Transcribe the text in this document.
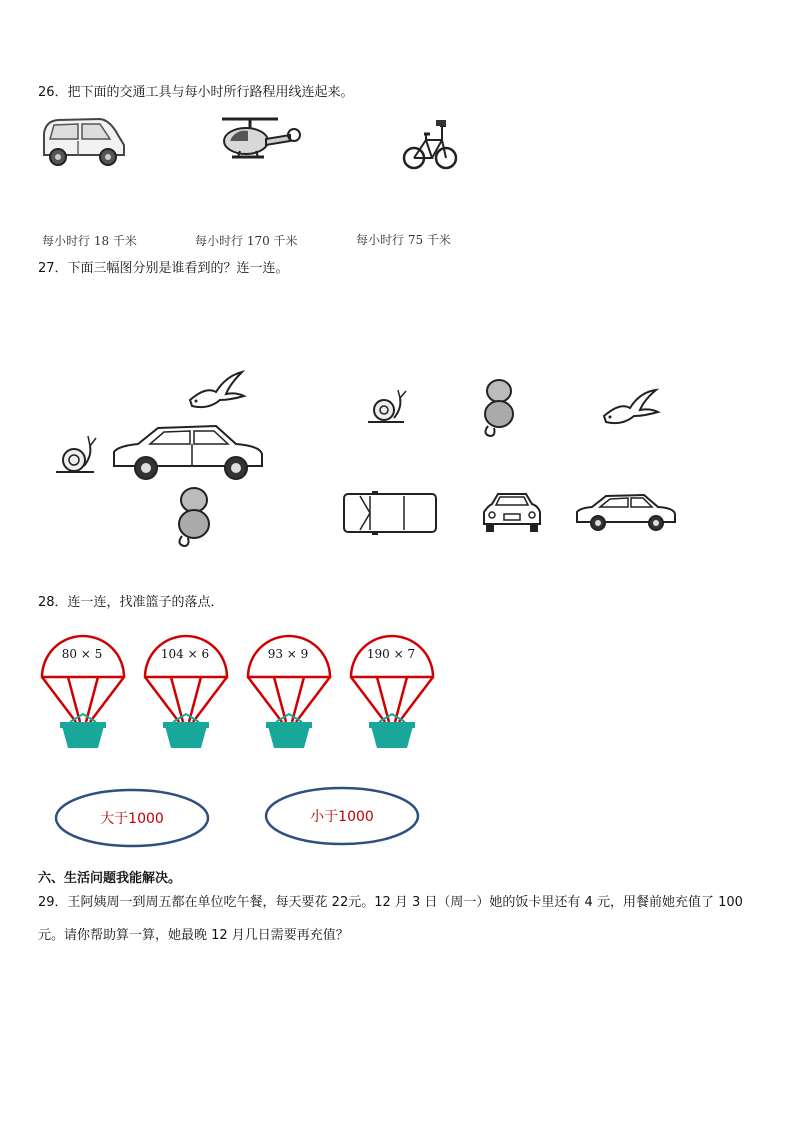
26．把下面的交通工具与每小时所行路程用线连起来。
每小时行 18 千米	每小时行 170 千米	每小时行 75 千米
27．下面三幅图分别是谁看到的？连一连。
28．连一连，找准篮子的落点．
80 × 5	104 × 6	93 × 9	190 × 7
大于1000	小于1000
六、生活问题我能解决。
29．王阿姨周一到周五都在单位吃午餐，每天要花 22元。12 月 3 日（周一）她的饭卡里还有 4 元，用餐前她充值了 100
元。请你帮助算一算，她最晚 12 月几日需要再充值？
